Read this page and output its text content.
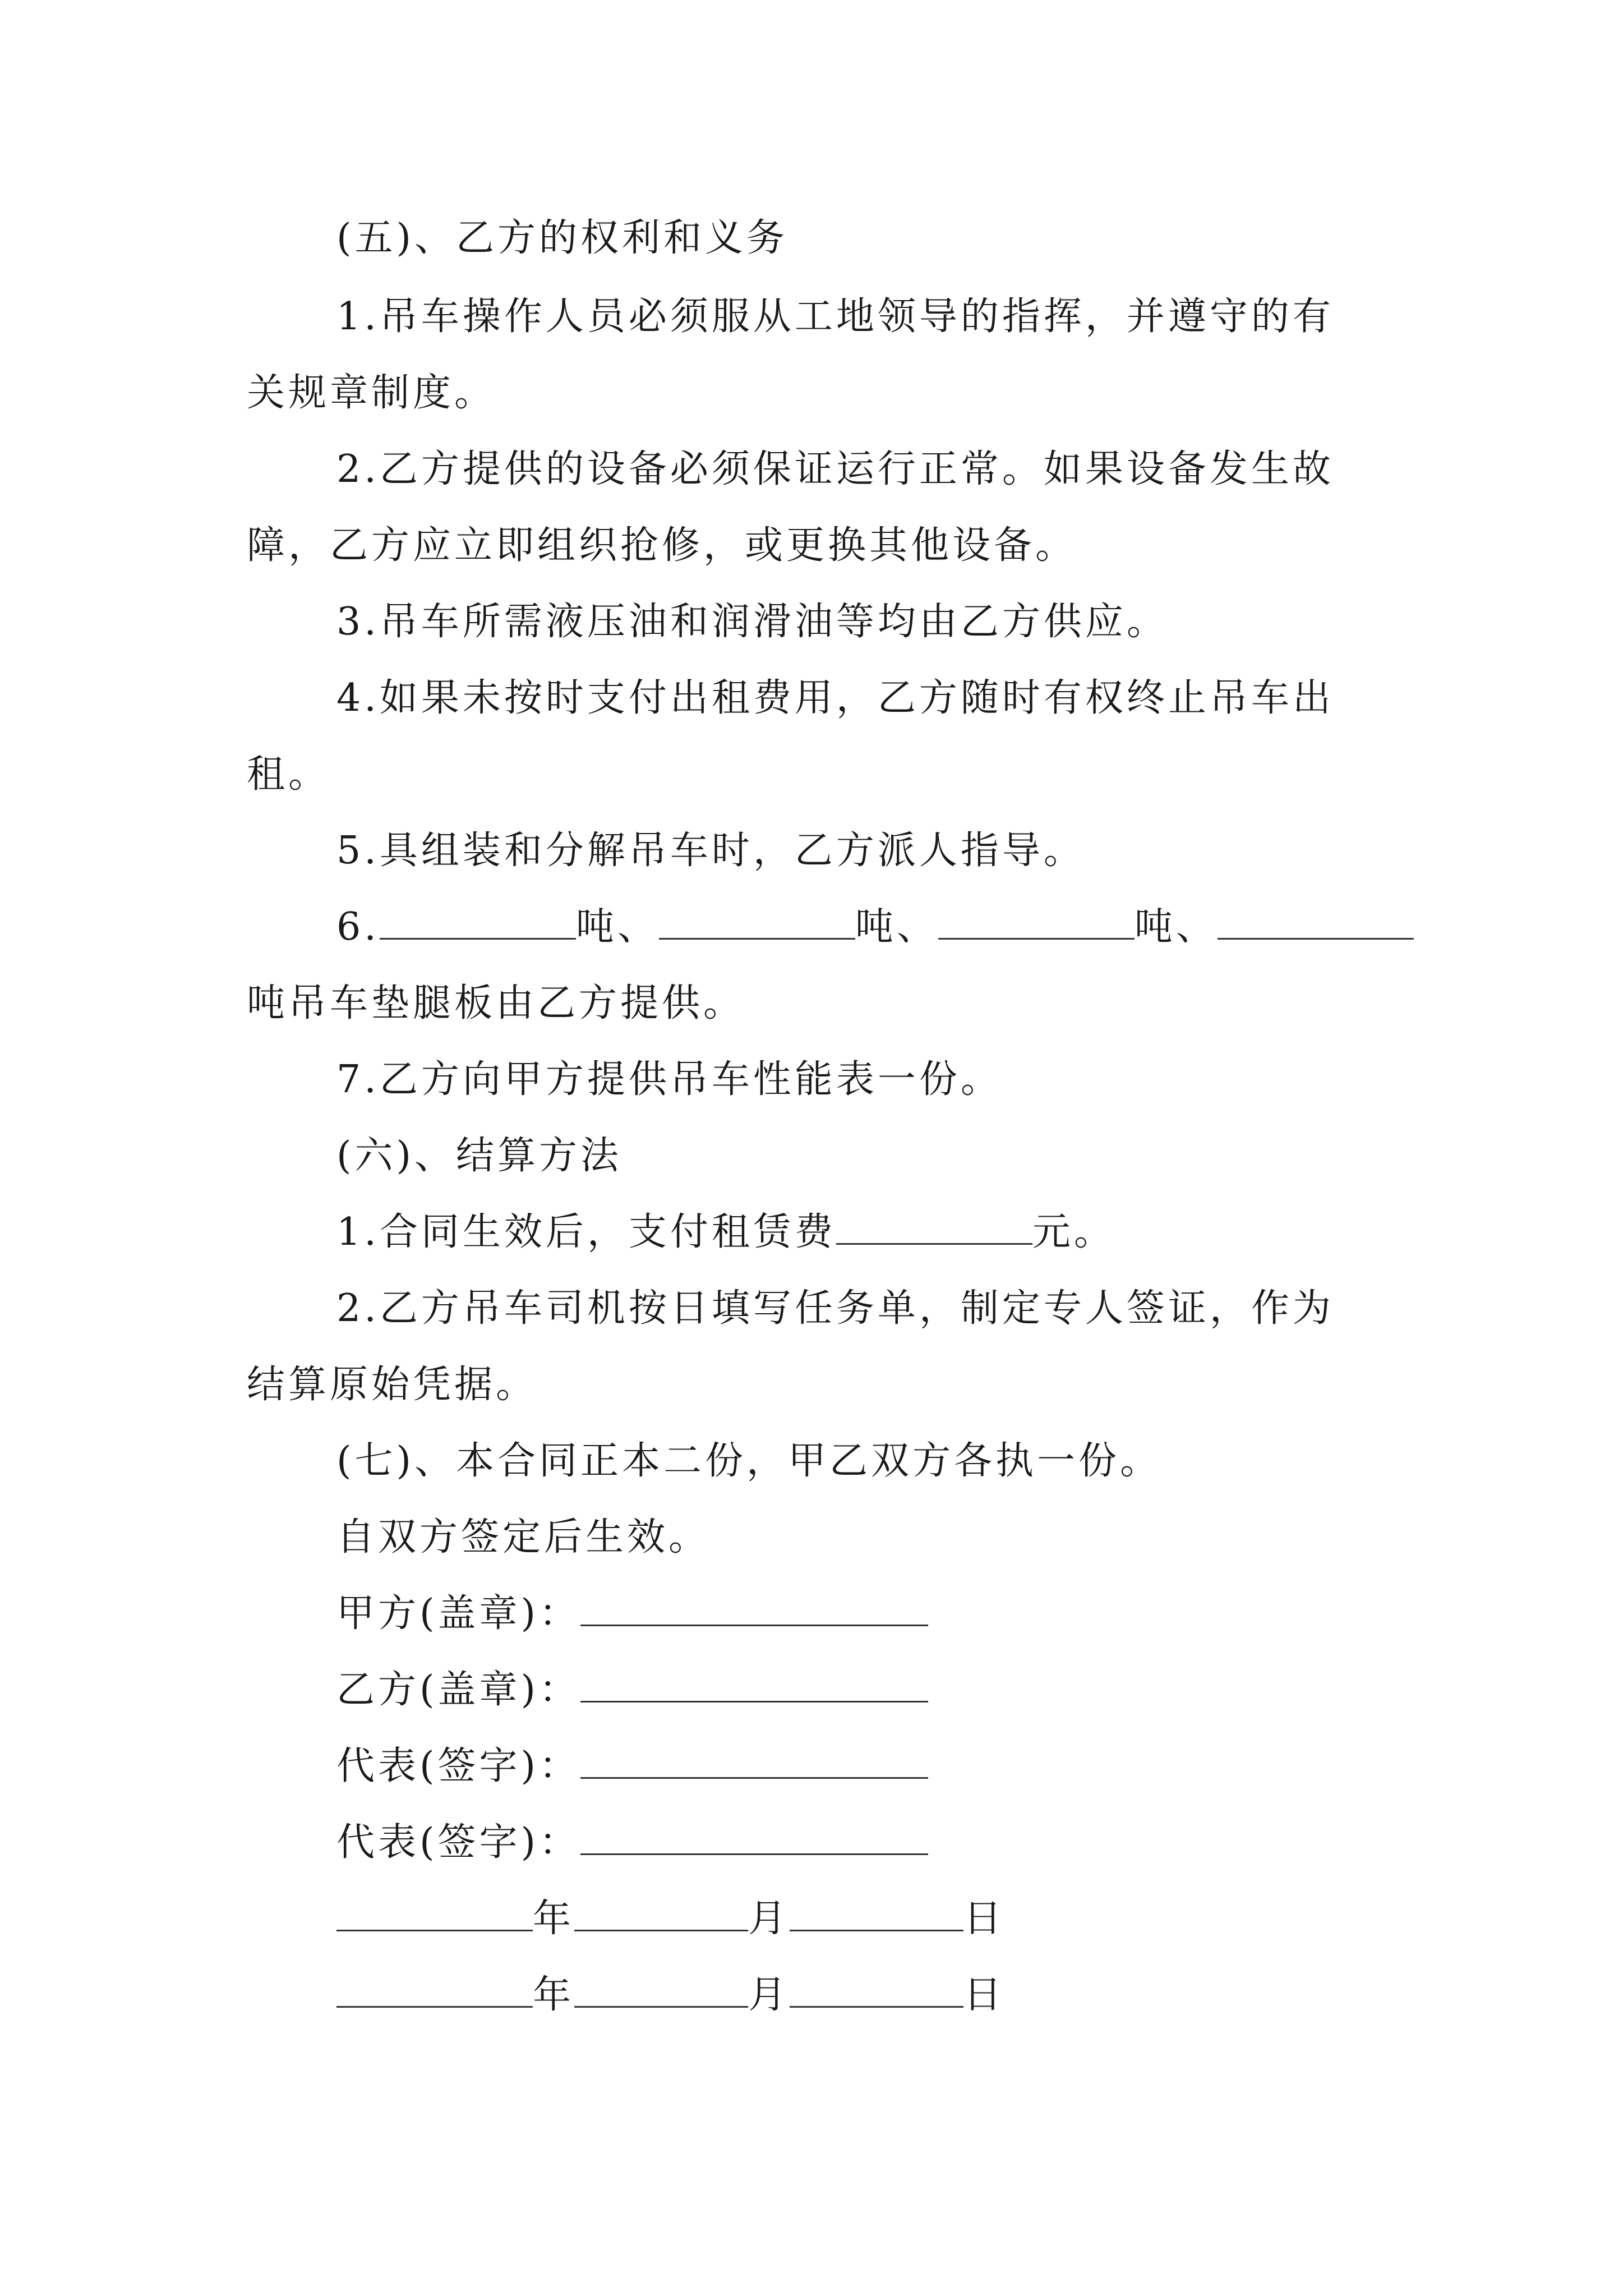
(五)、乙方的权利和义务
1.吊车操作人员必须服从工地领导的指挥，并遵守的有
关规章制度。
2.乙方提供的设备必须保证运行正常。如果设备发生故
障，乙方应立即组织抢修，或更换其他设备。
3.吊车所需液压油和润滑油等均由乙方供应。
4.如果未按时支付出租费用，乙方随时有权终止吊车出
租。
5.具组装和分解吊车时，乙方派人指导。
6.	吨、	吨、	吨、
吨吊车垫腿板由乙方提供。
7.乙方向甲方提供吊车性能表一份。
(六)、结算方法
1.合同生效后，支付租赁费	元。
2.乙方吊车司机按日填写任务单，制定专人签证，作为
结算原始凭据。
(七)、本合同正本二份，甲乙双方各执一份。
自双方签定后生效。
甲方(盖章)：
乙方(盖章)：
代表(签字)：
代表(签字)：
年	月	日
年	月	日
